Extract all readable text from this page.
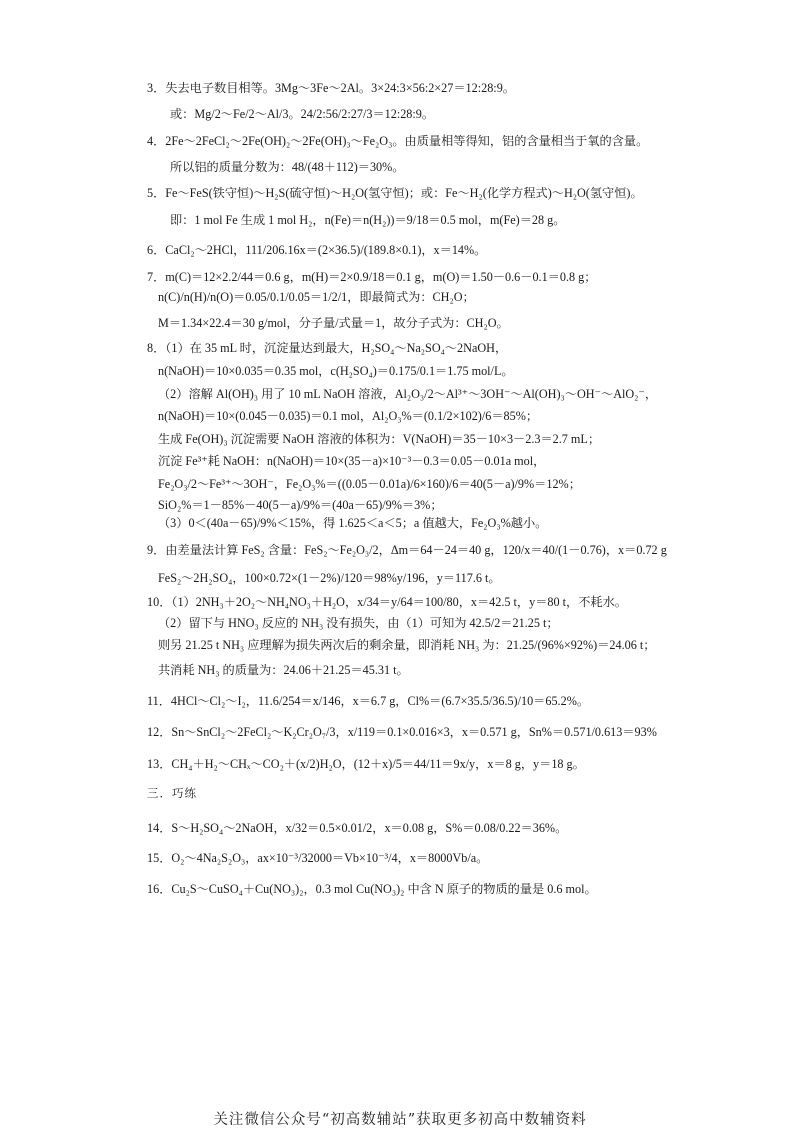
3．失去电子数目相等。3Mg～3Fe～2Al。3×24:3×56:2×27＝12:28:9。
或：Mg/2～Fe/2～Al/3。24/2:56/2:27/3＝12:28:9。
4．2Fe～2FeCl₂～2Fe(OH)₂～2Fe(OH)₃～Fe₂O₃。由质量相等得知，铝的含量相当于氧的含量。
所以铝的质量分数为：48/(48＋112)＝30%。
5．Fe～FeS(铁守恒)～H₂S(硫守恒)～H₂O(氢守恒)；或：Fe～H₂(化学方程式)～H₂O(氢守恒)。
即：1 mol Fe 生成 1 mol H₂，n(Fe)＝n(H₂))＝9/18＝0.5 mol，m(Fe)＝28 g。
6．CaCl₂～2HCl，111/206.16x＝(2×36.5)/(189.8×0.1)，x＝14%。
7．m(C)＝12×2.2/44＝0.6 g，m(H)＝2×0.9/18＝0.1 g，m(O)＝1.50－0.6－0.1＝0.8 g；
n(C)/n(H)/n(O)＝0.05/0.1/0.05＝1/2/1，即最简式为：CH₂O；
M＝1.34×22.4＝30 g/mol，分子量/式量＝1，故分子式为：CH₂O。
8．（1）在 35 mL 时，沉淀量达到最大，H₂SO₄～Na₂SO₄～2NaOH，
n(NaOH)＝10×0.035＝0.35 mol，c(H₂SO₄)＝0.175/0.1＝1.75 mol/L。
（2）溶解 Al(OH)₃ 用了 10 mL NaOH 溶液，Al₂O₃/2～Al³⁺～3OH⁻～Al(OH)₃～OH⁻～AlO₂⁻，
n(NaOH)＝10×(0.045－0.035)＝0.1 mol，Al₂O₃%＝(0.1/2×102)/6＝85%；
生成 Fe(OH)₃ 沉淀需要 NaOH 溶液的体积为：V(NaOH)＝35－10×3－2.3＝2.7 mL；
沉淀 Fe³⁺耗 NaOH：n(NaOH)＝10×(35－a)×10⁻³－0.3＝0.05－0.01a mol，
Fe₂O₃/2～Fe³⁺～3OH⁻，Fe₂O₃%＝((0.05－0.01a)/6×160)/6＝40(5－a)/9%＝12%；
SiO₂%＝1－85%－40(5－a)/9%＝(40a－65)/9%＝3%；
（3）0＜(40a－65)/9%＜15%，得 1.625＜a＜5；a 值越大，Fe₂O₃%越小。
9．由差量法计算 FeS₂ 含量：FeS₂～Fe₂O₃/2，Δm＝64－24＝40 g，120/x＝40/(1－0.76)，x＝0.72 g
FeS₂～2H₂SO₄，100×0.72×(1－2%)/120＝98%y/196，y＝117.6 t。
10．（1）2NH₃＋2O₂～NH₄NO₃＋H₂O，x/34＝y/64＝100/80，x＝42.5 t，y＝80 t，不耗水。
（2）留下与 HNO₃ 反应的 NH₃ 没有损失，由（1）可知为 42.5/2＝21.25 t；
则另 21.25 t NH₃ 应理解为损失两次后的剩余量，即消耗 NH₃ 为：21.25/(96%×92%)＝24.06 t；
共消耗 NH₃ 的质量为：24.06＋21.25＝45.31 t。
11．4HCl～Cl₂～I₂，11.6/254＝x/146，x＝6.7 g，Cl%＝(6.7×35.5/36.5)/10＝65.2%。
12．Sn～SnCl₂～2FeCl₂～K₂Cr₂O₇/3，x/119＝0.1×0.016×3，x＝0.571 g，Sn%＝0.571/0.613＝93%
13．CH₄＋H₂～CHₓ～CO₂＋(x/2)H₂O，(12＋x)/5＝44/11＝9x/y，x＝8 g，y＝18 g。
三．巧练
14．S～H₂SO₄～2NaOH，x/32＝0.5×0.01/2，x＝0.08 g，S%＝0.08/0.22＝36%。
15．O₂～4Na₂S₂O₃，ax×10⁻³/32000＝Vb×10⁻³/4，x＝8000Vb/a。
16．Cu₂S～CuSO₄＋Cu(NO₃)₂，0.3 mol Cu(NO₃)₂ 中含 N 原子的物质的量是 0.6 mol。
关注微信公众号“初高数辅站”获取更多初高中数辅资料
